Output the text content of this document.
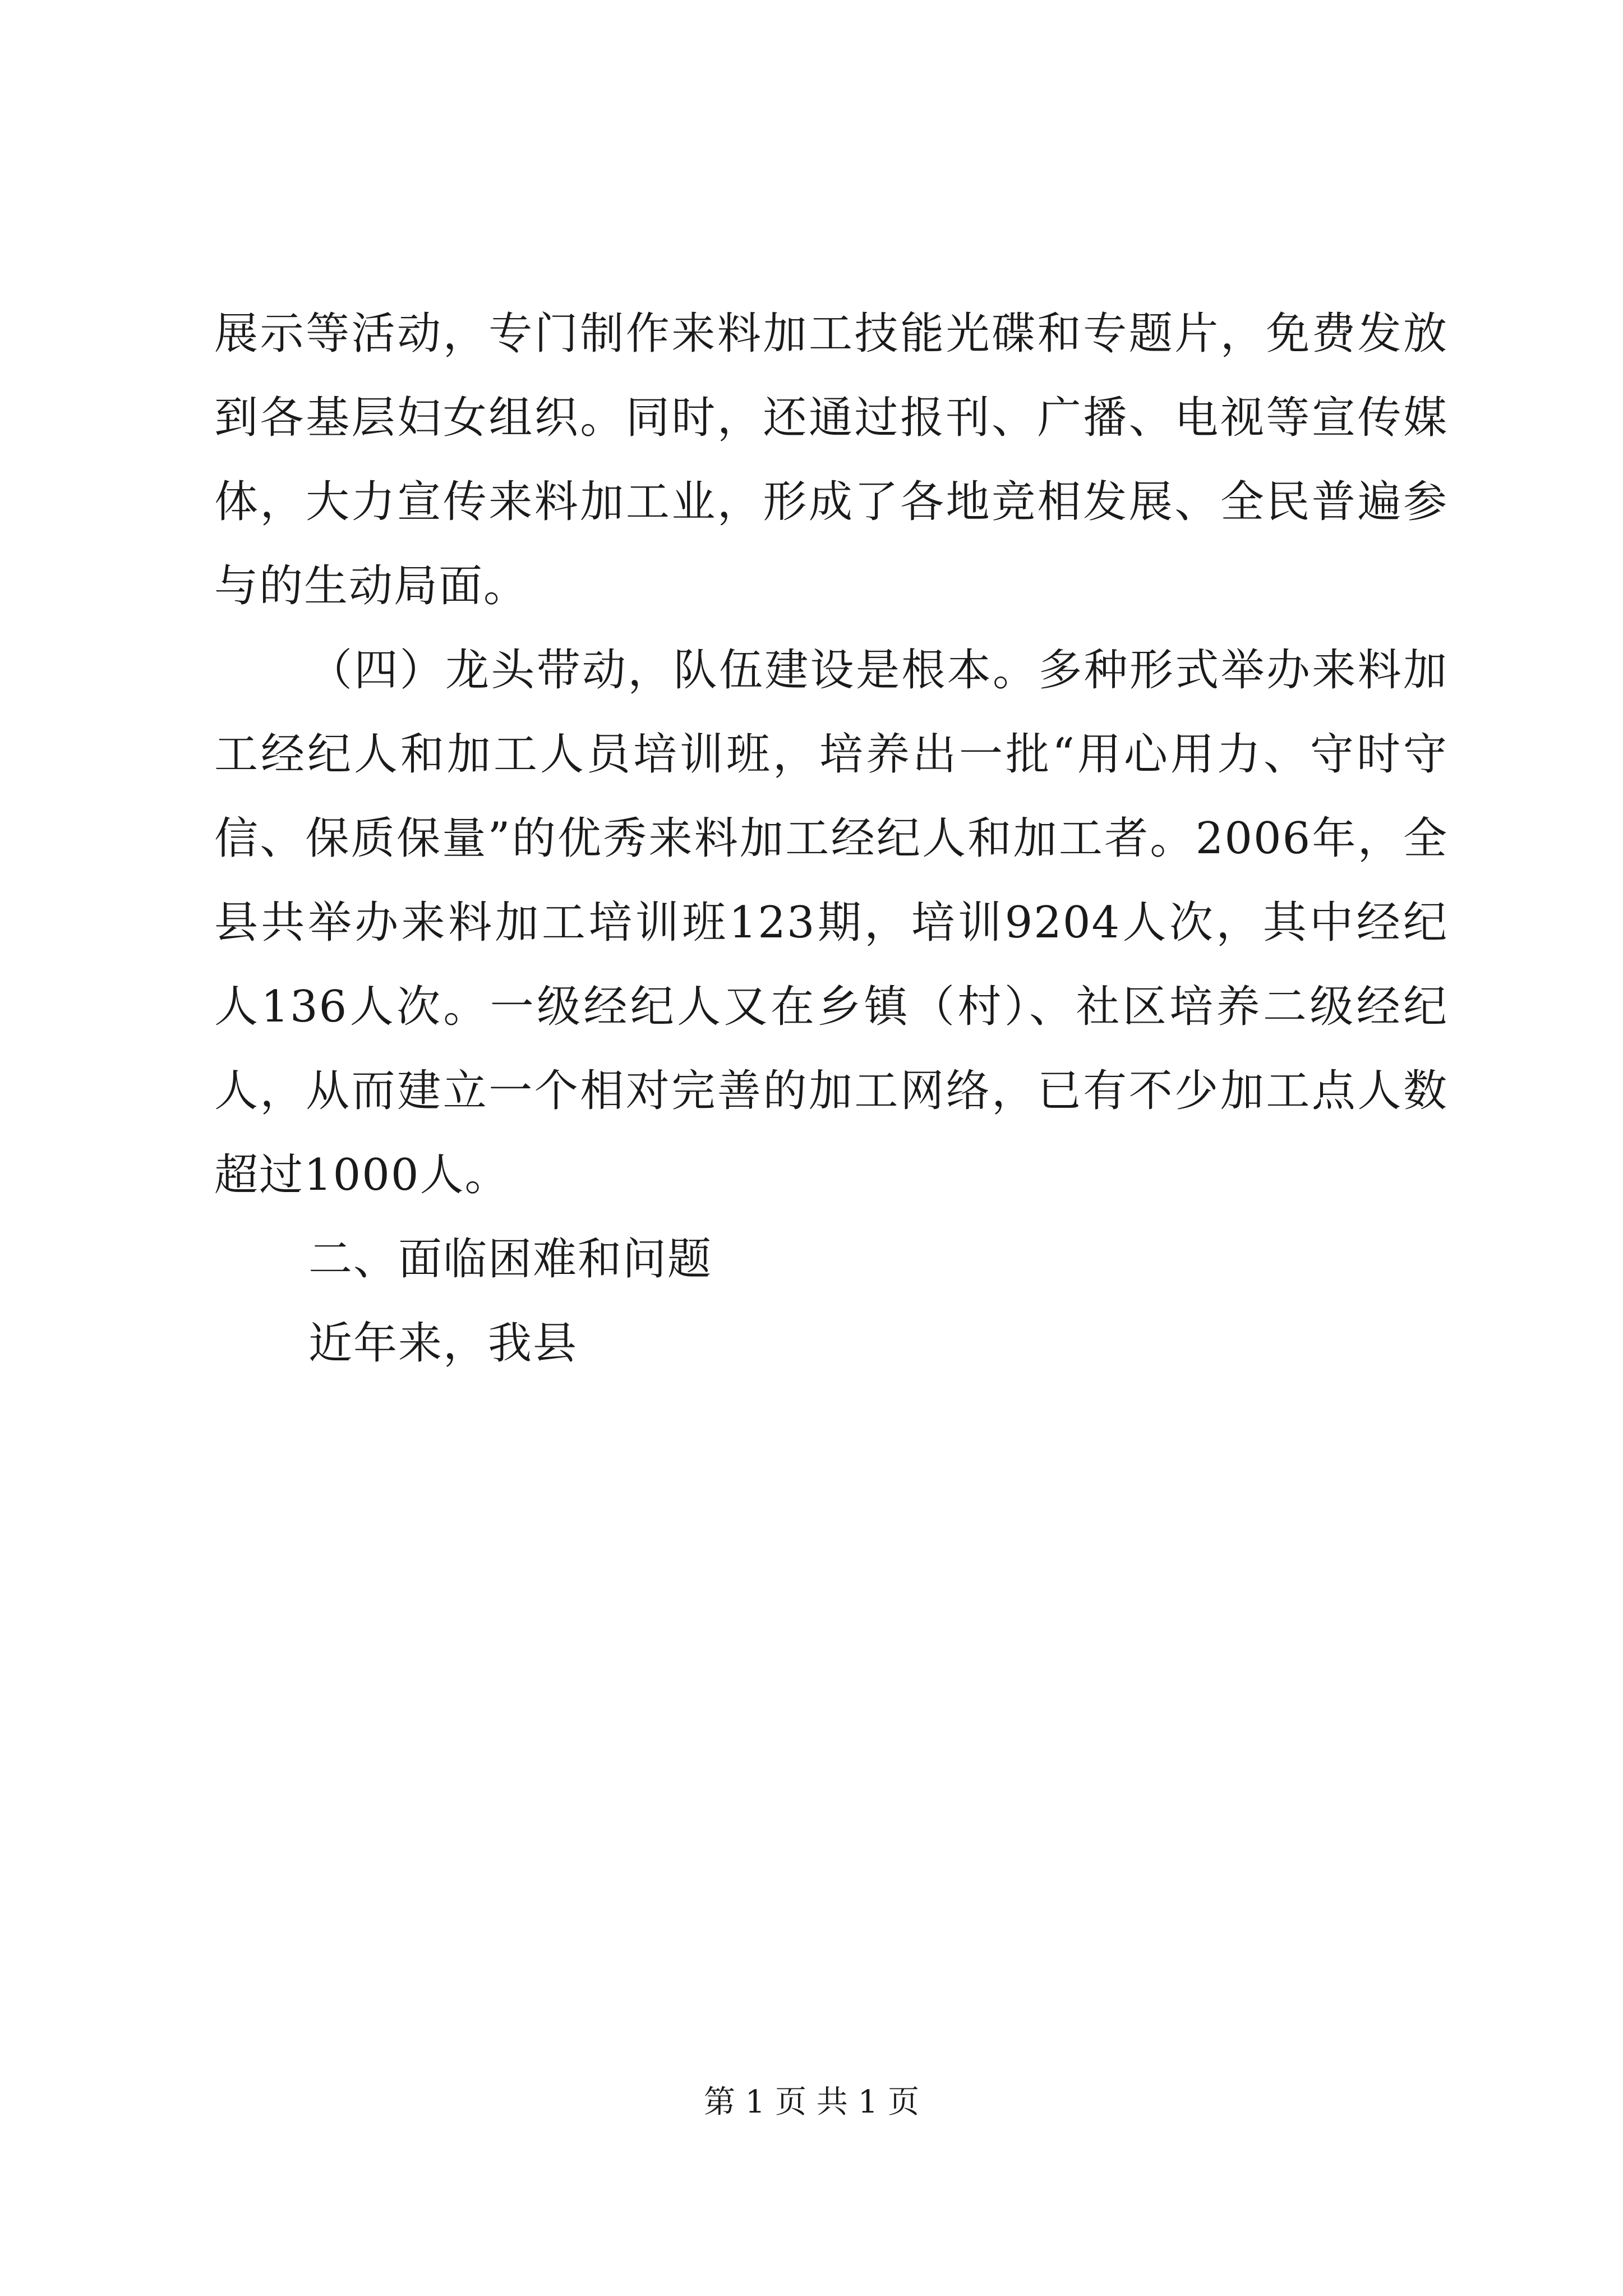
展示等活动，专门制作来料加工技能光碟和专题片，免费发放到各基层妇女组织。同时，还通过报刊、广播、电视等宣传媒体，大力宣传来料加工业，形成了各地竞相发展、全民普遍参与的生动局面。

（四）龙头带动，队伍建设是根本。多种形式举办来料加工经纪人和加工人员培训班，培养出一批“用心用力、守时守信、保质保量”的优秀来料加工经纪人和加工者。2006年，全县共举办来料加工培训班123期，培训9204人次，其中经纪人136人次。一级经纪人又在乡镇（村）、社区培养二级经纪人，从而建立一个相对完善的加工网络，已有不少加工点人数超过1000人。

二、面临困难和问题

近年来，我县

第 1 页 共 1 页
